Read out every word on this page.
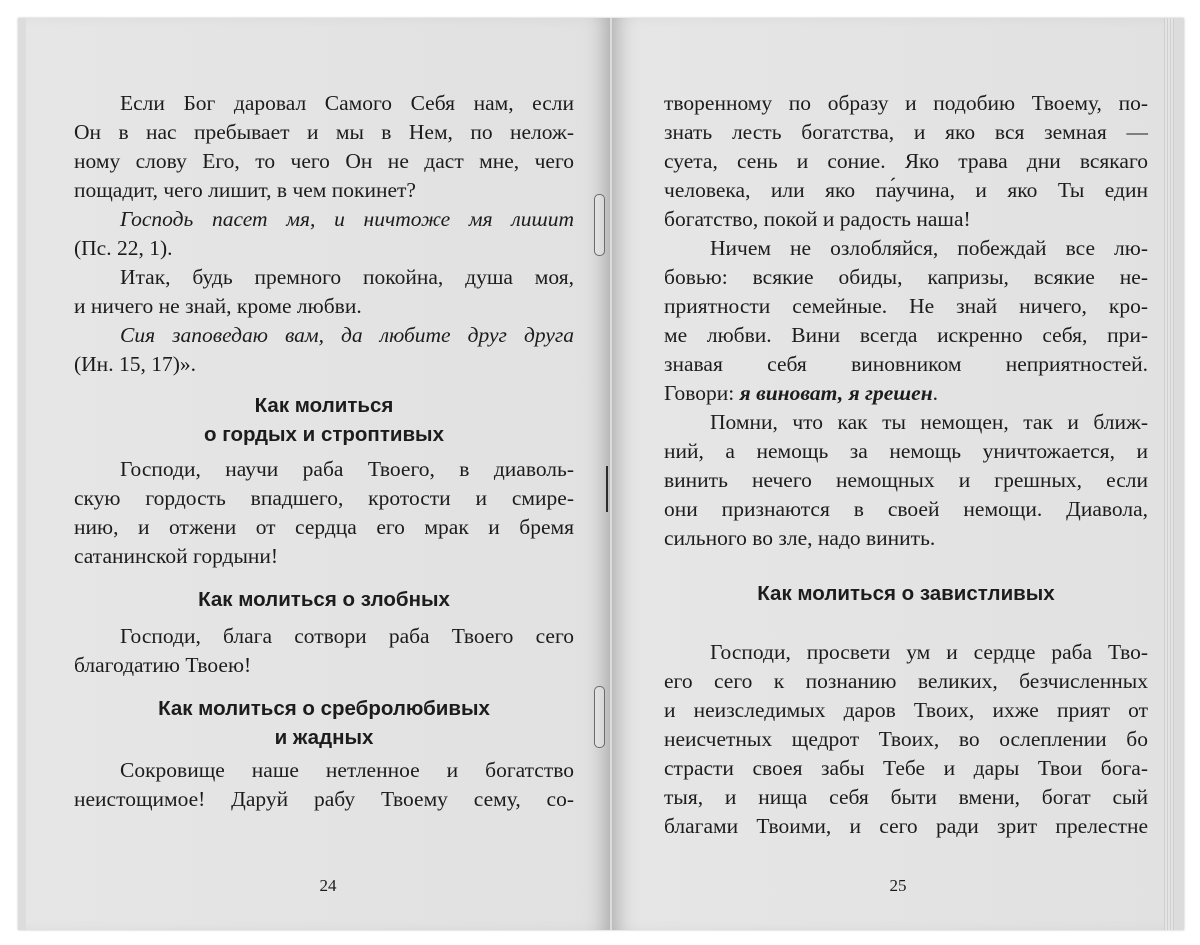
Если Бог даровал Самого Себя нам, если
Он в нас пребывает и мы в Нем, по нелож-
ному слову Его, то чего Он не даст мне, чего
пощадит, чего лишит, в чем покинет?
Господь пасет мя, и ничтоже мя лишит
(Пс. 22, 1).
Итак, будь премного покойна, душа моя,
и ничего не знай, кроме любви.
Сия заповедаю вам, да любите друг друга
(Ин. 15, 17)».
Как молиться
о гордых и строптивых
Господи, научи раба Твоего, в диаволь-
скую гордость впадшего, кротости и смире-
нию, и отжени от сердца его мрак и бремя
сатанинской гордыни!
Как молиться о злобных
Господи, блага сотвори раба Твоего сего
благодатию Твоею!
Как молиться о сребролюбивых
и жадных
Сокровище наше нетленное и богатство
неистощимое! Даруй рабу Твоему сему, со-
24
творенному по образу и подобию Твоему, по-
знать лесть богатства, и яко вся земная —
суета, сень и соние. Яко трава дни всякаго
человека, или яко па́учина, и яко Ты един
богатство, покой и радость наша!
Ничем не озлобляйся, побеждай все лю-
бовью: всякие обиды, капризы, всякие не-
приятности семейные. Не знай ничего, кро-
ме любви. Вини всегда искренно себя, при-
знавая себя виновником неприятностей.
Говори: я виноват, я грешен.
Помни, что как ты немощен, так и ближ-
ний, а немощь за немощь уничтожается, и
винить нечего немощных и грешных, если
они признаются в своей немощи. Диавола,
сильного во зле, надо винить.
Как молиться о завистливых
Господи, просвети ум и сердце раба Тво-
его сего к познанию великих, безчисленных
и неизследимых даров Твоих, ихже прият от
неисчетных щедрот Твоих, во ослеплении бо
страсти своея забы Тебе и дары Твои бога-
тыя, и нища себя быти вмени, богат сый
благами Твоими, и сего ради зрит прелестне
25
